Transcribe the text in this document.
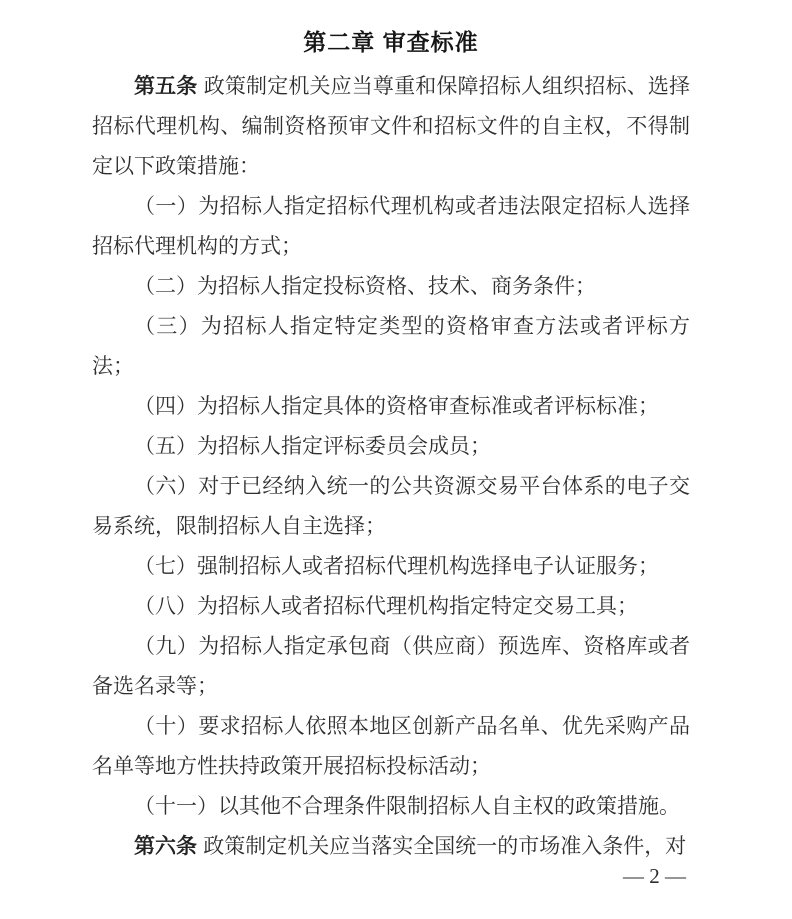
第二章 审查标准

第五条 政策制定机关应当尊重和保障招标人组织招标、选择招标代理机构、编制资格预审文件和招标文件的自主权，不得制定以下政策措施：

（一）为招标人指定招标代理机构或者违法限定招标人选择招标代理机构的方式；

（二）为招标人指定投标资格、技术、商务条件；

（三）为招标人指定特定类型的资格审查方法或者评标方法；

（四）为招标人指定具体的资格审查标准或者评标标准；

（五）为招标人指定评标委员会成员；

（六）对于已经纳入统一的公共资源交易平台体系的电子交易系统，限制招标人自主选择；

（七）强制招标人或者招标代理机构选择电子认证服务；

（八）为招标人或者招标代理机构指定特定交易工具；

（九）为招标人指定承包商（供应商）预选库、资格库或者备选名录等；

（十）要求招标人依照本地区创新产品名单、优先采购产品名单等地方性扶持政策开展招标投标活动；

（十一）以其他不合理条件限制招标人自主权的政策措施。

第六条 政策制定机关应当落实全国统一的市场准入条件，对

— 2 —
